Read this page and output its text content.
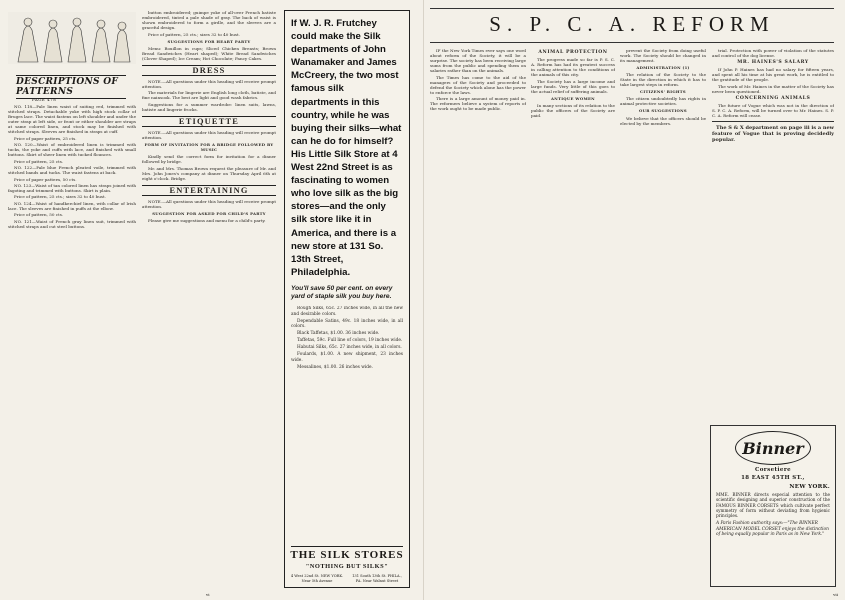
DESCRIPTIONS OF PATTERNS
PAGE 478

NO. 118—Pale linen waist of suiting red, trimmed with stitched straps. Detachable yoke with high stock collar of Bruges lace. The waist fastens on left shoulder and under the outer strap at left side, or front or either shoulder are straps at same colored linen, and stock may be finished with stitched straps. Sleeves are finished in straps at cuff.

Price of paper pattern, 25 cts.

NO. 120—Waist of embroidered linen is trimmed with tucks, the yoke and cuffs with lace, and finished with small buttons. Skirt of sheer linen with tucked flounces.

Price of pattern, 25 cts.

NO. 122—Pale blue French pleated voile, trimmed with stitched bands and tucks. The waist fastens at back.

Price of paper pattern, 50 cts.

NO. 123—Waist of tan colored linen has straps joined with fagoting and trimmed with buttons. Skirt is plain.

Price of pattern, 25 cts.; sizes 32 to 40 bust.

NO. 124—Waist of handkerchief linen, with collar of Irish lace. The sleeves are finished in puffs at the elbow.

Price of pattern, 50 cts.

NO. 121—Waist of French gray linen suit, trimmed with stitched straps and cut steel buttons.

button embroidered; guimpe yoke of all-over French batiste embroidered, tinted a pale shade of gray. The back of waist is shown embroidered to form a girdle, and the sleeves are a graceful design.

Price of pattern, 25 cts.; sizes 32 to 40 bust.

SUGGESTIONS FOR HEART PARTY

Menu: Bouillon in cups; Sliced Chicken Breasts; Brown Bread Sandwiches (Heart shaped); White Bread Sandwiches (Clover Shaped); Ice Cream; Hot Chocolate; Fancy Cakes.

DRESS

NOTE.—All questions under this heading will receive prompt attention.

The materials for lingerie are English long cloth, batiste, and fine nainsook. The best are light and good wash fabrics.

Suggestions for a summer wardrobe: linen suits, lawns, batiste and lingerie frocks.

ETIQUETTE

NOTE.—All questions under this heading will receive prompt attention.

FORM OF INVITATION FOR A BRIDGE FOLLOWED BY MUSIC

Kindly send the correct form for invitation for a dinner followed by bridge.

Mr. and Mrs. Thomas Brown request the pleasure of Mr. and Mrs. John Jones's company at dinner on Thursday April 6th at eight o'clock. Bridge.

ENTERTAINING

NOTE.—All questions under this heading will receive prompt attention.

SUGGESTION FOR ASKED FOR CHILD'S PARTY

Please give me suggestions and menu for a child's party.

If W. J. R. Frutchey could make the Silk departments of John Wanamaker and James McCreery, the two most famous silk departments in this country, while he was buying their silks—what can he do for himself? His Little Silk Store at 4 West 22nd Street is as fascinating to women who love silk as the big stores—and the only silk store like it in America, and there is a new store at 131 So. 13th Street, Philadelphia.
You'll save 50 per cent. on every yard of staple silk you buy here.

Rough Silks, 65c. 27 inches wide, in all the new and desirable colors.

Dependable Satins, 49c. 18 inches wide, in all colors.

Black Taffetas, $1.00. 36 inches wide.

Taffetas, 59c. Full line of colors, 19 inches wide.

Habutai Silks, 65c. 27 inches wide, in all colors.

Foulards, $1.00. A new shipment, 23 inches wide.

Messalines, $1.00. 26 inches wide.

THE SILK STORES
"NOTHING BUT SILKS"
4 West 22nd St. NEW YORK. Near 5th Avenue
131 South 13th St. PHILA., PA. Near Walnut Street
vi
S. P. C. A. REFORM

IF the New York Times ever says one word about reform of the Society, it will be a surprise. The society has been receiving large sums from the public and spending them on salaries rather than on the animals.

The Times has come to the aid of the managers of the Society and proceeded to defend the Society which alone has the power to enforce the laws.

There is a large amount of money paid in. The reformers believe a system of reports of the work ought to be made public.

ANIMAL PROTECTION

The progress made so far is P. S. C. A. Reform has had its greatest success in calling attention to the conditions of the animals of this city.

The Society has a large income and large funds. Very little of this goes to the actual relief of suffering animals.

ANTIQUE WOMEN

In many sections of its relation to the public the officers of the Society are paid.

prevent the Society from doing useful work. The Society should be changed in its management.

ADMINISTRATION (1)

The relation of the Society to the State in the direction in which it has to take largest steps in reform.

CITIZENS' RIGHTS

The citizen undoubtedly has rights in animal protective societies.

OUR SUGGESTIONS

We believe that the officers should be elected by the members.

trial. Protection with power of violation of the statutes and control of the dog license.

MR. HAINES'S SALARY

If John P. Haines has had no salary for fifteen years, and spent all his time at his great work, he is entitled to the gratitude of the people.

The work of Mr. Haines in the matter of the Society has never been questioned.

CONCERNING ANIMALS

The future of Vogue which was not in the direction of S. P. C. A. Reform, will be turned over to Mr. Haines. S. P. C. A. Reform will cease.

The S & X department on page iii is a new feature of Vogue that is proving decidedly popular.

Binner
Corsetiere
18 EAST 45TH ST.,
NEW YORK.
MME. BINNER directs especial attention to the scientific designing and superior construction of the FAMOUS BINNER CORSETS which cultivate perfect symmetry of form without deviating from hygienic principles.
A Paris Fashion authority says:—"The BINNER AMERICAN MODEL CORSET enjoys the distinction of being equally popular in Paris as in New York."
vii
